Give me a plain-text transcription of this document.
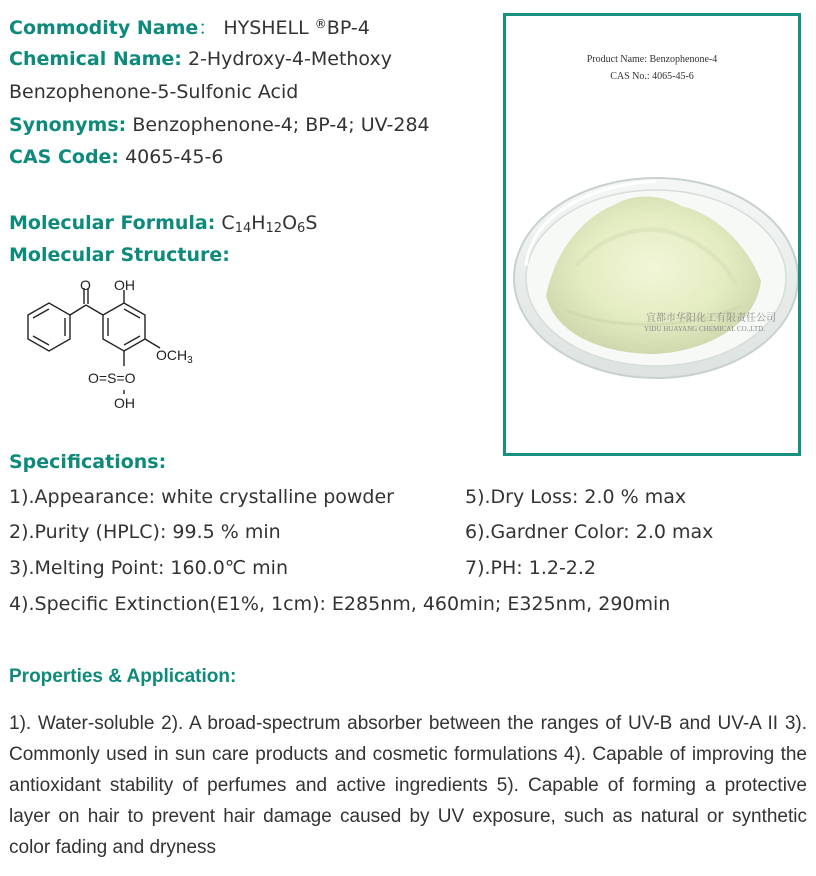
Commodity Name： HYSHELL ®BP-4
Chemical Name: 2-Hydroxy-4-Methoxy
Benzophenone-5-Sulfonic Acid
Synonyms: Benzophenone-4; BP-4; UV-284
CAS Code: 4065-45-6
Molecular Formula: $C_{14}H_{12}O_6S$
Molecular Structure:
O OH
$OCH_3$
O=S=O
OH
Product Name: Benzophenone-4
CAS No.: 4065-45-6
宜都市华阳化工有限责任公司
YIDU HUAYANG CHEMICAL CO.,LTD.
Specifications:
1).Appearance: white crystalline powder
2).Purity (HPLC): 99.5 % min
3).Melting Point: 160.0℃ min
5).Dry Loss: 2.0 % max
6).Gardner Color: 2.0 max
7).PH: 1.2-2.2
4).Specific Extinction(E1%, 1cm): E285nm, 460min; E325nm, 290min
Properties & Application:
1). Water-soluble 2). A broad-spectrum absorber between the ranges of UV-B and UV-A II 3). Commonly used in sun care products and cosmetic formulations 4). Capable of improving the antioxidant stability of perfumes and active ingredients 5). Capable of forming a protective layer on hair to prevent hair damage caused by UV exposure, such as natural or synthetic color fading and dryness
